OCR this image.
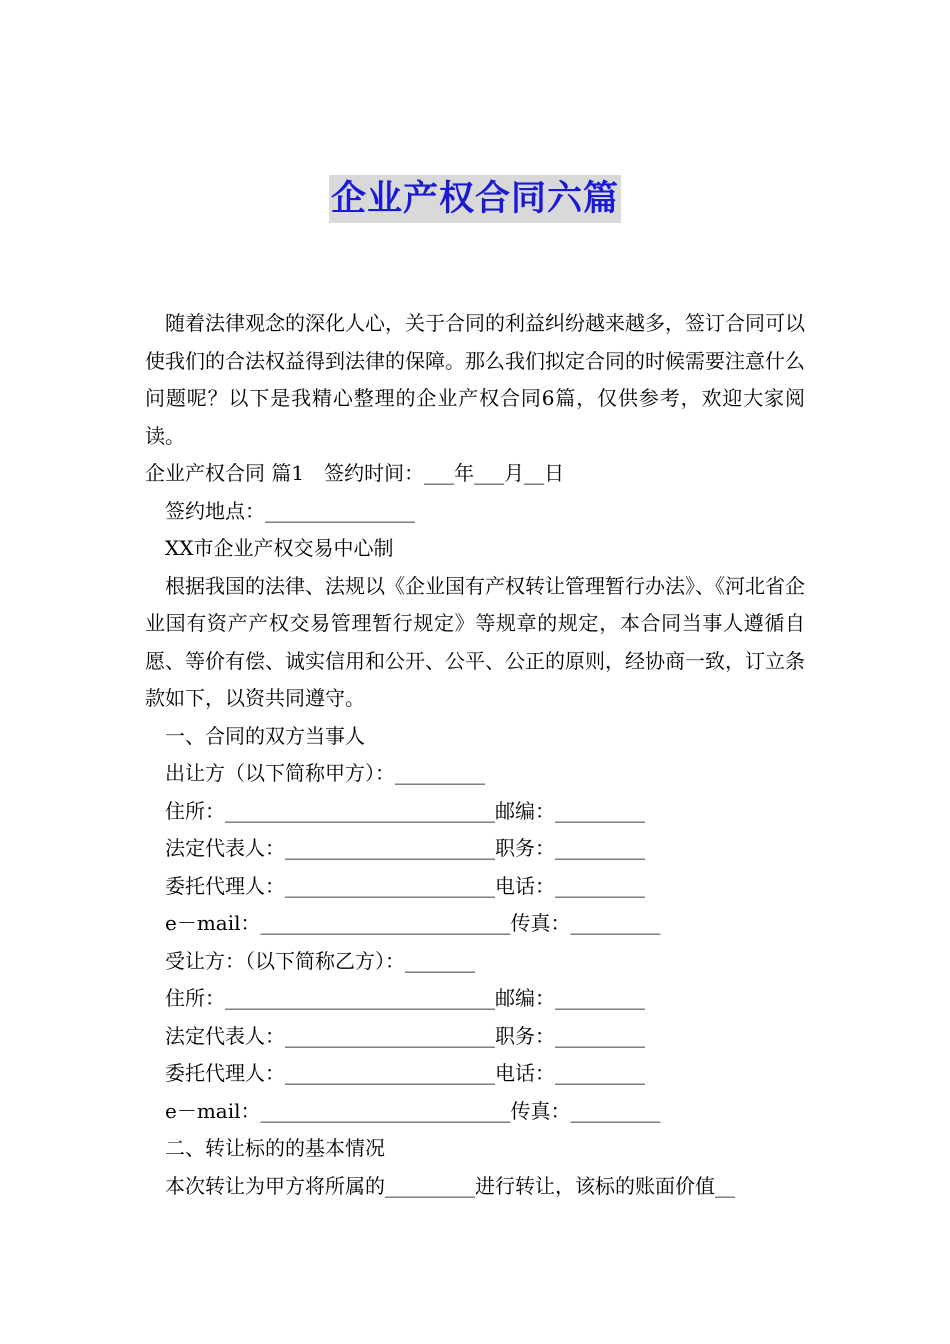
企业产权合同六篇

随着法律观念的深化人心，关于合同的利益纠纷越来越多，签订合同可以使我们的合法权益得到法律的保障。那么我们拟定合同的时候需要注意什么问题呢？以下是我精心整理的企业产权合同6篇，仅供参考，欢迎大家阅读。

企业产权合同 篇1　签约时间：___年___月__日

签约地点：_______________

XX市企业产权交易中心制

根据我国的法律、法规以《企业国有产权转让管理暂行办法》、《河北省企业国有资产产权交易管理暂行规定》等规章的规定，本合同当事人遵循自愿、等价有偿、诚实信用和公开、公平、公正的原则，经协商一致，订立条款如下，以资共同遵守。

一、合同的双方当事人

出让方（以下简称甲方）：_________

住所：___________________________邮编：_________

法定代表人：_____________________职务：_________

委托代理人：_____________________电话：_________

e－mail：_________________________传真：_________

受让方：（以下简称乙方）：_______

住所：___________________________邮编：_________

法定代表人：_____________________职务：_________

委托代理人：_____________________电话：_________

e－mail：_________________________传真：_________

二、转让标的的基本情况

本次转让为甲方将所属的_________进行转让，该标的账面价值__
